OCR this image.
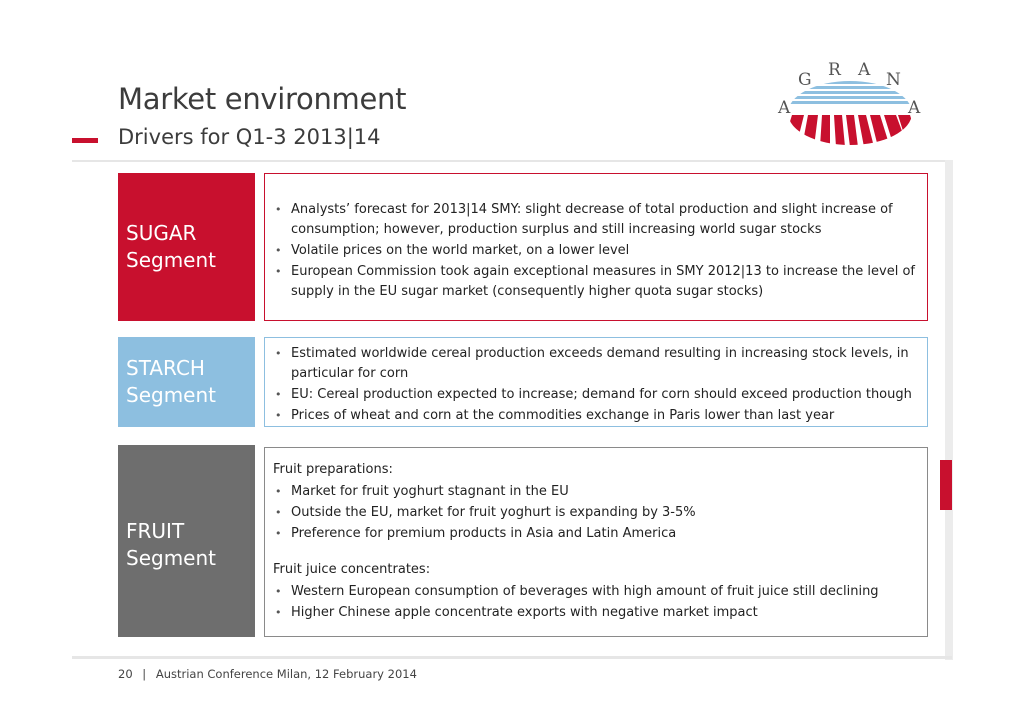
Market environment
Drivers for Q1-3 2013|14
A
G R A N
A
SUGAR
Segment
• Analysts’ forecast for 2013|14 SMY: slight decrease of total production and slight increase of consumption; however, production surplus and still increasing world sugar stocks
• Volatile prices on the world market, on a lower level
• European Commission took again exceptional measures in SMY 2012|13 to increase the level of supply in the EU sugar market (consequently higher quota sugar stocks)
STARCH
Segment
• Estimated worldwide cereal production exceeds demand resulting in increasing stock levels, in particular for corn
• EU: Cereal production expected to increase; demand for corn should exceed production though
• Prices of wheat and corn at the commodities exchange in Paris lower than last year
FRUIT
Segment
Fruit preparations:
• Market for fruit yoghurt stagnant in the EU
• Outside the EU, market for fruit yoghurt is expanding by 3-5%
• Preference for premium products in Asia and Latin America
Fruit juice concentrates:
• Western European consumption of beverages with high amount of fruit juice still declining
• Higher Chinese apple concentrate exports with negative market impact
20 | Austrian Conference Milan, 12 February 2014
